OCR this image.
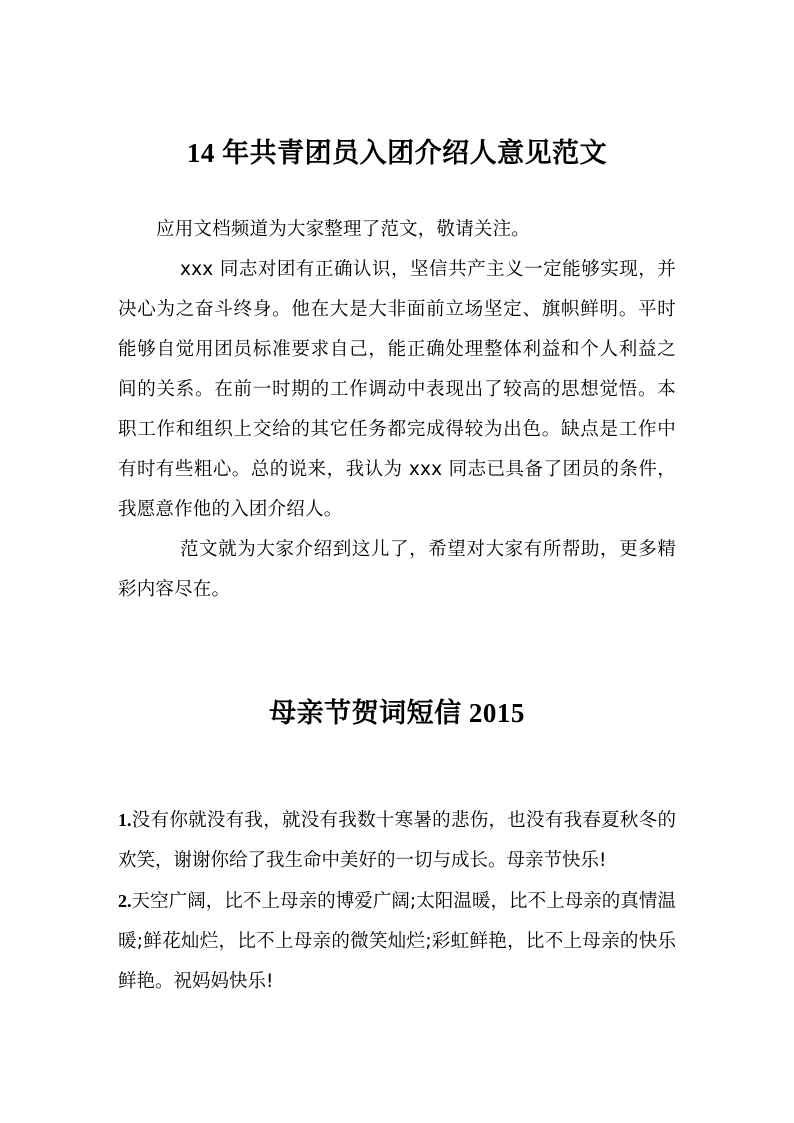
14 年共青团员入团介绍人意见范文

应用文档频道为大家整理了范文，敬请关注。

xxx 同志对团有正确认识，坚信共产主义一定能够实现，并决心为之奋斗终身。他在大是大非面前立场坚定、旗帜鲜明。平时能够自觉用团员标准要求自己，能正确处理整体利益和个人利益之间的关系。在前一时期的工作调动中表现出了较高的思想觉悟。本职工作和组织上交给的其它任务都完成得较为出色。缺点是工作中有时有些粗心。总的说来，我认为 xxx 同志已具备了团员的条件，我愿意作他的入团介绍人。

范文就为大家介绍到这儿了，希望对大家有所帮助，更多精彩内容尽在。

母亲节贺词短信 2015

1.没有你就没有我，就没有我数十寒暑的悲伤，也没有我春夏秋冬的欢笑，谢谢你给了我生命中美好的一切与成长。母亲节快乐!

2.天空广阔，比不上母亲的博爱广阔;太阳温暖，比不上母亲的真情温暖;鲜花灿烂，比不上母亲的微笑灿烂;彩虹鲜艳，比不上母亲的快乐鲜艳。祝妈妈快乐!
